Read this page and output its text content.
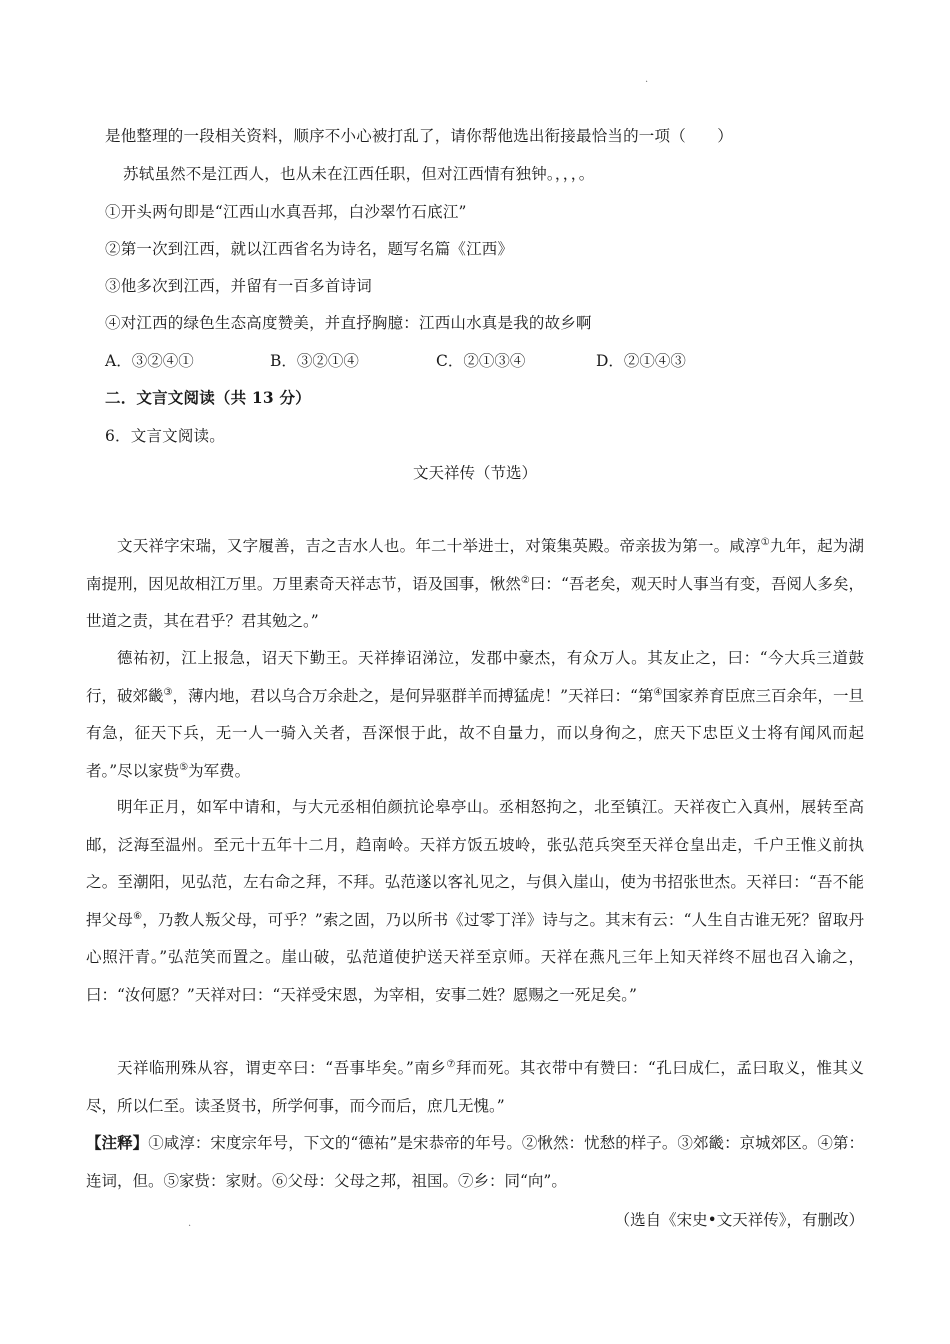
.
.
是他整理的一段相关资料，顺序不小心被打乱了，请你帮他选出衔接最恰当的一项（　　）
苏轼虽然不是江西人，也从未在江西任职，但对江西情有独钟。，，，。
①开头两句即是“江西山水真吾邦，白沙翠竹石底江”
②第一次到江西，就以江西省名为诗名，题写名篇《江西》
③他多次到江西，并留有一百多首诗词
④对江西的绿色生态高度赞美，并直抒胸臆：江西山水真是我的故乡啊
A．③②④①	B．③②①④	C．②①③④	D．②①④③
二．文言文阅读（共 13 分）
6．文言文阅读。
文天祥传（节选）

文天祥字宋瑞，又字履善，吉之吉水人也。年二十举进士，对策集英殿。帝亲拔为第一。咸淳①九年，起为湖南提刑，因见故相江万里。万里素奇天祥志节，语及国事，愀然②曰：“吾老矣，观天时人事当有变，吾阅人多矣，世道之责，其在君乎？君其勉之。”

德祐初，江上报急，诏天下勤王。天祥捧诏涕泣，发郡中豪杰，有众万人。其友止之，曰：“今大兵三道鼓行，破郊畿③，薄内地，君以乌合万余赴之，是何异驱群羊而搏猛虎！”天祥曰：“第④国家养育臣庶三百余年，一旦有急，征天下兵，无一人一骑入关者，吾深恨于此，故不自量力，而以身徇之，庶天下忠臣义士将有闻风而起者。”尽以家赀⑤为军费。

明年正月，如军中请和，与大元丞相伯颜抗论皋亭山。丞相怒拘之，北至镇江。天祥夜亡入真州，展转至高邮，泛海至温州。至元十五年十二月，趋南岭。天祥方饭五坡岭，张弘范兵突至天祥仓皇出走，千户王惟义前执之。至潮阳，见弘范，左右命之拜，不拜。弘范遂以客礼见之，与俱入崖山，使为书招张世杰。天祥曰：“吾不能捍父母⑥，乃教人叛父母，可乎？”索之固，乃以所书《过零丁洋》诗与之。其末有云：“人生自古谁无死？留取丹心照汗青。”弘范笑而置之。崖山破，弘范道使护送天祥至京师。天祥在燕凡三年上知天祥终不屈也召入谕之，曰：“汝何愿？”天祥对曰：“天祥受宋恩，为宰相，安事二姓？愿赐之一死足矣。”

天祥临刑殊从容，谓吏卒曰：“吾事毕矣。”南乡⑦拜而死。其衣带中有赞曰：“孔曰成仁，孟曰取义，惟其义尽，所以仁至。读圣贤书，所学何事，而今而后，庶几无愧。”

【注释】①咸淳：宋度宗年号，下文的“德祐”是宋恭帝的年号。②愀然：忧愁的样子。③郊畿：京城郊区。④第：连词，但。⑤家赀：家财。⑥父母：父母之邦，祖国。⑦乡：同“向”。

（选自《宋史•文天祥传》，有删改）
